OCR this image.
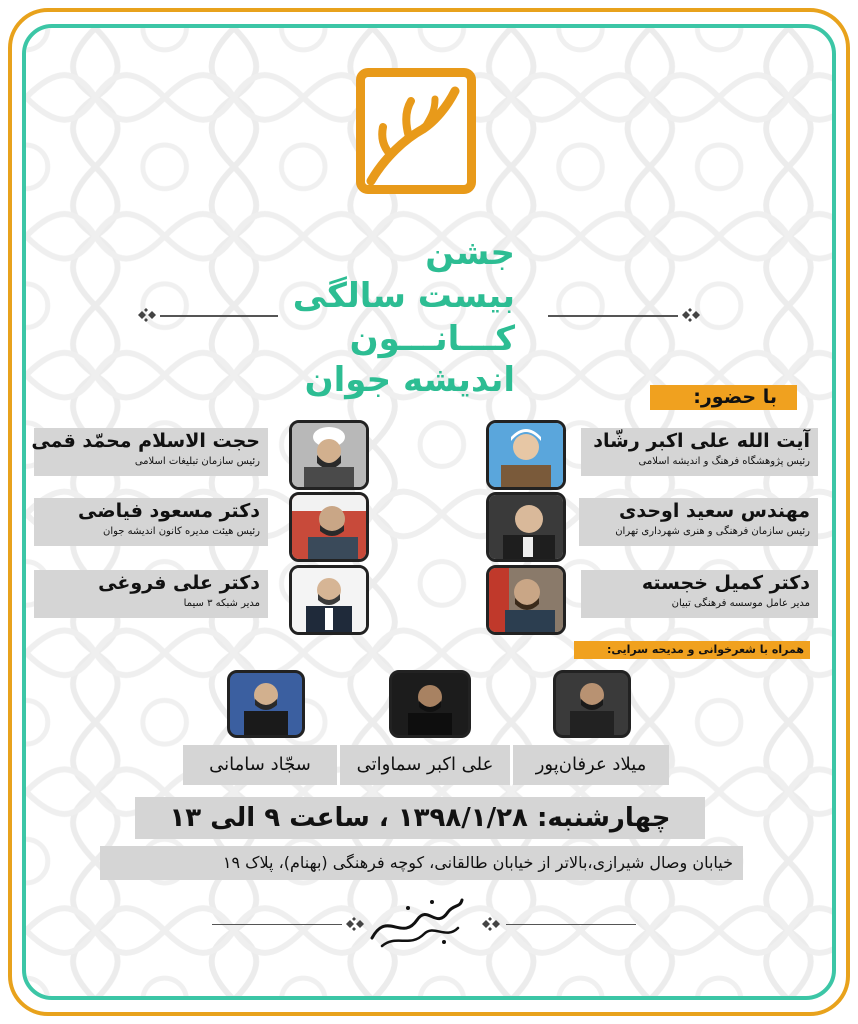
جشن
بیست سالگی
کـــانـــون
اندیشه جوان	با حضور:
آیت الله علی اکبر رشّاد
رئیس پژوهشگاه فرهنگ و اندیشه اسلامی
مهندس سعید اوحدی
رئیس سازمان فرهنگی و هنری شهرداری تهران
دکتر کمیل خجسته
مدیر عامل موسسه فرهنگی تبیان
حجت الاسلام محمّد قمی
رئیس سازمان تبلیغات اسلامی
دکتر مسعود فیاضی
رئیس هیئت مدیره کانون اندیشه جوان
دکتر علی فروغی
مدیر شبکه ۳ سیما
همراه با شعرخوانی و مدیحه سرایی:
میلاد عرفان‌پور
علی اکبر سماواتی
سجّاد سامانی
چهارشنبه: ۱۳۹۸/۱/۲۸ ، ساعت ۹ الی ۱۳
خیابان وصال شیرازی،بالاتر از خیابان طالقانی، کوچه فرهنگی (بهنام)، پلاک ۱۹
